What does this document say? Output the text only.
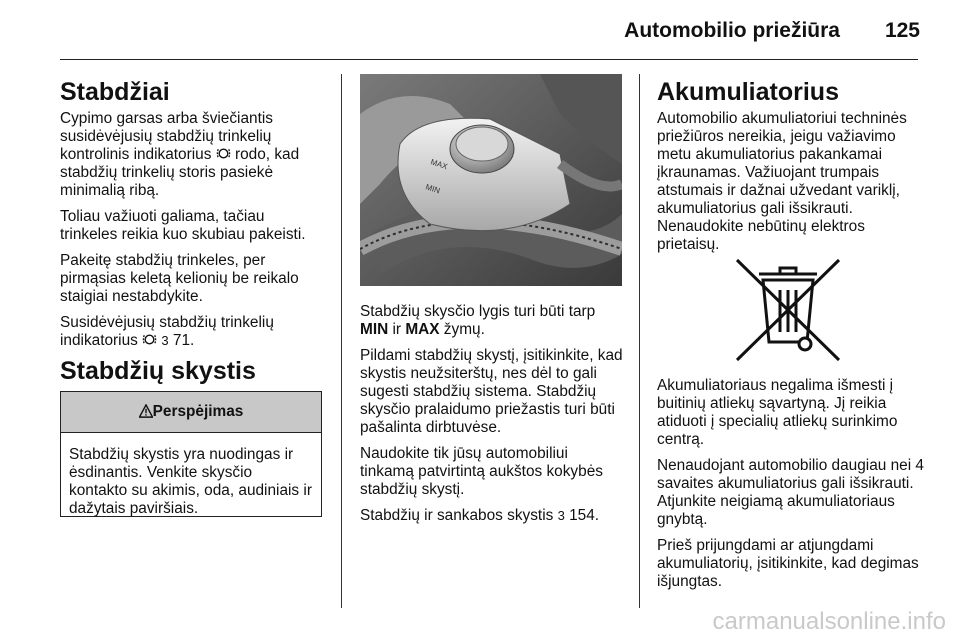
Automobilio priežiūra 125
Stabdžiai

Cypimo garsas arba šviečiantis susidėvėjusių stabdžių trinkelių kontrolinis indikatorius  rodo, kad stabdžių trinkelių storis pasiekė minimalią ribą.

Toliau važiuoti galiama, tačiau trinkeles reikia kuo skubiau pakeisti.

Pakeitę stabdžių trinkeles, per pirmąsias keletą kelionių be reikalo staigiai nestabdykite.

Susidėvėjusių stabdžių trinkelių indikatorius  3 71.

Stabdžių skystis
Perspėjimas
Stabdžių skystis yra nuodingas ir ėsdinantis. Venkite skysčio kontakto su akimis, oda, audiniais ir dažytais paviršiais.
MAX
MIN

Stabdžių skysčio lygis turi būti tarp MIN ir MAX žymų.

Pildami stabdžių skystį, įsitikinkite, kad skystis neužsiterštų, nes dėl to gali sugesti stabdžių sistema. Stabdžių skysčio pralaidumo priežastis turi būti pašalinta dirbtuvėse.

Naudokite tik jūsų automobiliui tinkamą patvirtintą aukštos kokybės stabdžių skystį.

Stabdžių ir sankabos skystis 3 154.

Akumuliatorius

Automobilio akumuliatoriui techninės priežiūros nereikia, jeigu važiavimo metu akumuliatorius pakankamai įkraunamas. Važiuojant trumpais atstumais ir dažnai užvedant variklį, akumuliatorius gali išsikrauti. Nenaudokite nebūtinų elektros prietaisų.

Akumuliatoriaus negalima išmesti į buitinių atliekų sąvartyną. Jį reikia atiduoti į specialių atliekų surinkimo centrą.

Nenaudojant automobilio daugiau nei 4 savaites akumuliatorius gali išsikrauti. Atjunkite neigiamą akumuliatoriaus gnybtą.

Prieš prijungdami ar atjungdami akumuliatorių, įsitikinkite, kad degimas išjungtas.

carmanualsonline.info
